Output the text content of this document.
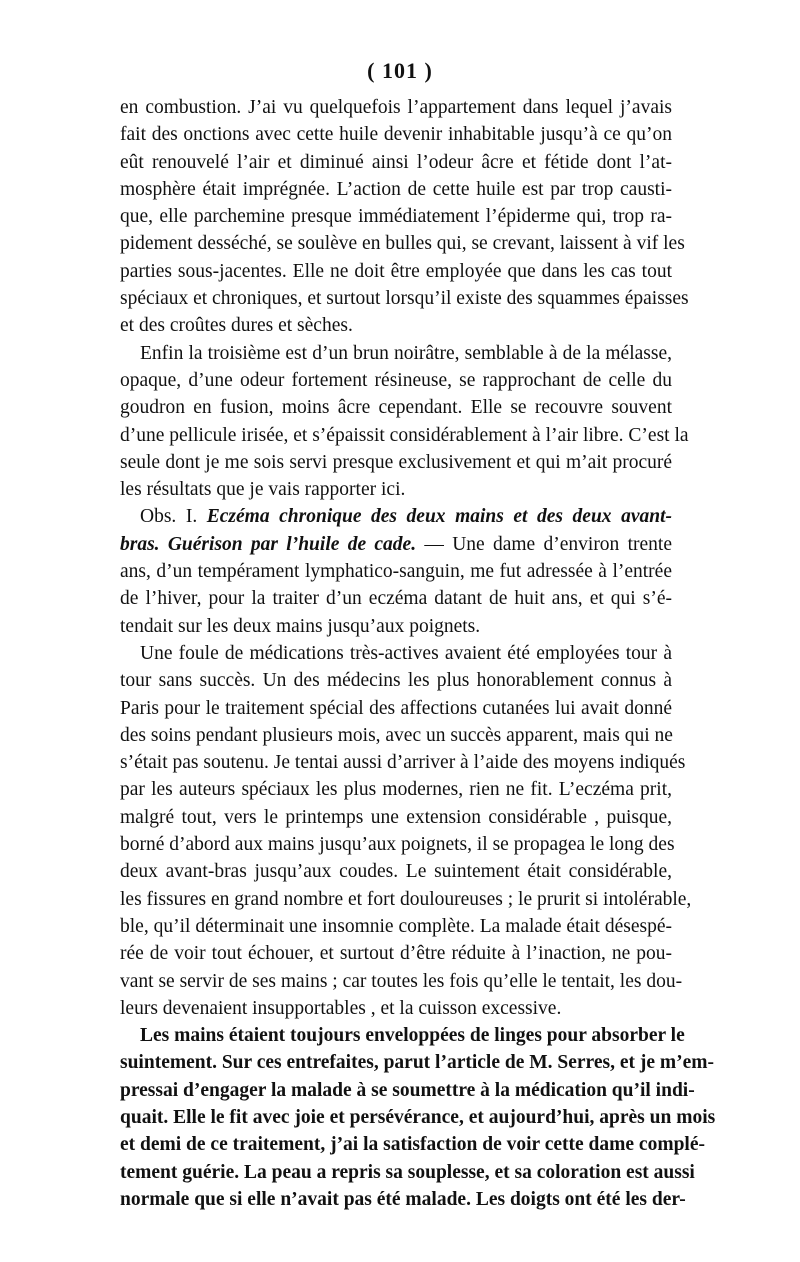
( 101 )
en combustion. J’ai vu quelquefois l’appartement dans lequel j’avais
fait des onctions avec cette huile devenir inhabitable jusqu’à ce qu’on
eût renouvelé l’air et diminué ainsi l’odeur âcre et fétide dont l’at-
mosphère était imprégnée. L’action de cette huile est par trop causti-
que, elle parchemine presque immédiatement l’épiderme qui, trop ra-
pidement desséché, se soulève en bulles qui, se crevant, laissent à vif les
parties sous-jacentes. Elle ne doit être employée que dans les cas tout
spéciaux et chroniques, et surtout lorsqu’il existe des squammes épaisses
et des croûtes dures et sèches.
Enfin la troisième est d’un brun noirâtre, semblable à de la mélasse,
opaque, d’une odeur fortement résineuse, se rapprochant de celle du
goudron en fusion, moins âcre cependant. Elle se recouvre souvent
d’une pellicule irisée, et s’épaissit considérablement à l’air libre. C’est la
seule dont je me sois servi presque exclusivement et qui m’ait procuré
les résultats que je vais rapporter ici.
Obs. I. Eczéma chronique des deux mains et des deux avant-
bras. Guérison par l’huile de cade. — Une dame d’environ trente
ans, d’un tempérament lymphatico-sanguin, me fut adressée à l’entrée
de l’hiver, pour la traiter d’un eczéma datant de huit ans, et qui s’é-
tendait sur les deux mains jusqu’aux poignets.
Une foule de médications très-actives avaient été employées tour à
tour sans succès. Un des médecins les plus honorablement connus à
Paris pour le traitement spécial des affections cutanées lui avait donné
des soins pendant plusieurs mois, avec un succès apparent, mais qui ne
s’était pas soutenu. Je tentai aussi d’arriver à l’aide des moyens indiqués
par les auteurs spéciaux les plus modernes, rien ne fit. L’eczéma prit,
malgré tout, vers le printemps une extension considérable , puisque,
borné d’abord aux mains jusqu’aux poignets, il se propagea le long des
deux avant-bras jusqu’aux coudes. Le suintement était considérable,
les fissures en grand nombre et fort douloureuses ; le prurit si intolérable,
ble, qu’il déterminait une insomnie complète. La malade était désespé-
rée de voir tout échouer, et surtout d’être réduite à l’inaction, ne pou-
vant se servir de ses mains ; car toutes les fois qu’elle le tentait, les dou-
leurs devenaient insupportables , et la cuisson excessive.
Les mains étaient toujours enveloppées de linges pour absorber le
suintement. Sur ces entrefaites, parut l’article de M. Serres, et je m’em-
pressai d’engager la malade à se soumettre à la médication qu’il indi-
quait. Elle le fit avec joie et persévérance, et aujourd’hui, après un mois
et demi de ce traitement, j’ai la satisfaction de voir cette dame complé-
tement guérie. La peau a repris sa souplesse, et sa coloration est aussi
normale que si elle n’avait pas été malade. Les doigts ont été les der-
